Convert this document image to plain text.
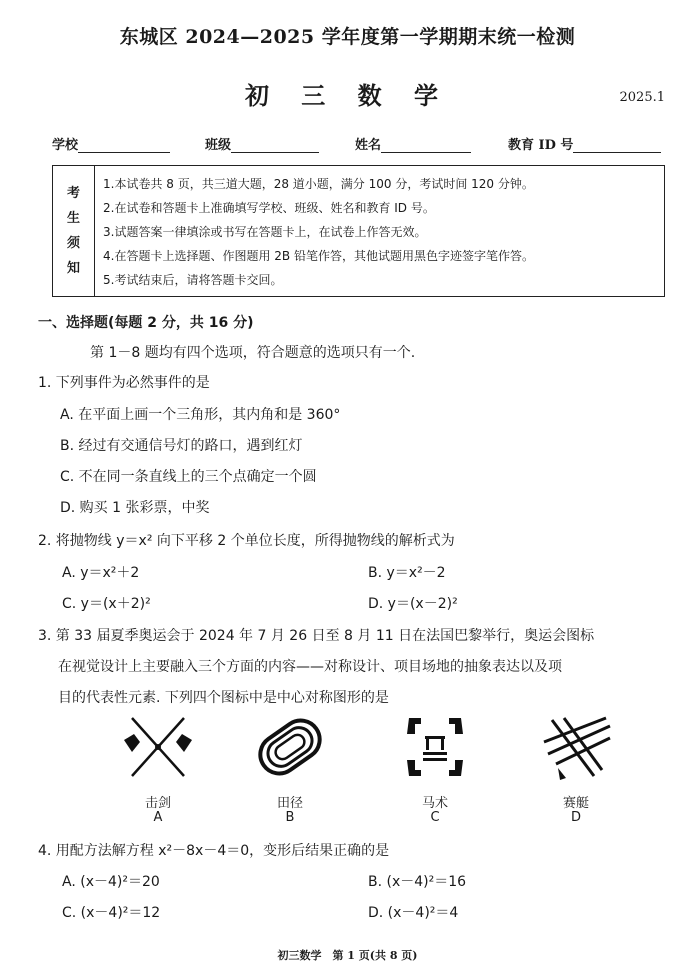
东城区 2024—2025 学年度第一学期期末统一检测
初 三 数 学	2025.1
学校	班级	姓名	教育 ID 号
考
生
须
知
1.本试卷共 8 页，共三道大题，28 道小题，满分 100 分，考试时间 120 分钟。
2.在试卷和答题卡上准确填写学校、班级、姓名和教育 ID 号。
3.试题答案一律填涂或书写在答题卡上，在试卷上作答无效。
4.在答题卡上选择题、作图题用 2B 铅笔作答，其他试题用黑色字迹签字笔作答。
5.考试结束后，请将答题卡交回。
一、选择题(每题 2 分，共 16 分)
第 1－8 题均有四个选项，符合题意的选项只有一个.
1. 下列事件为必然事件的是
A. 在平面上画一个三角形，其内角和是 360°
B. 经过有交通信号灯的路口，遇到红灯
C. 不在同一条直线上的三个点确定一个圆
D. 购买 1 张彩票，中奖
2. 将抛物线 y＝x² 向下平移 2 个单位长度，所得抛物线的解析式为
A. y＝x²＋2	B. y＝x²－2
C. y＝(x＋2)²	D. y＝(x－2)²
3. 第 33 届夏季奥运会于 2024 年 7 月 26 日至 8 月 11 日在法国巴黎举行，奥运会图标
在视觉设计上主要融入三个方面的内容——对称设计、项目场地的抽象表达以及项
目的代表性元素. 下列四个图标中是中心对称图形的是
击剑	田径	马术	赛艇
A	B	C	D
4. 用配方法解方程 x²－8x－4＝0，变形后结果正确的是
A. (x－4)²＝20	B. (x－4)²＝16
C. (x－4)²＝12	D. (x－4)²＝4
初三数学　第 1 页(共 8 页)
